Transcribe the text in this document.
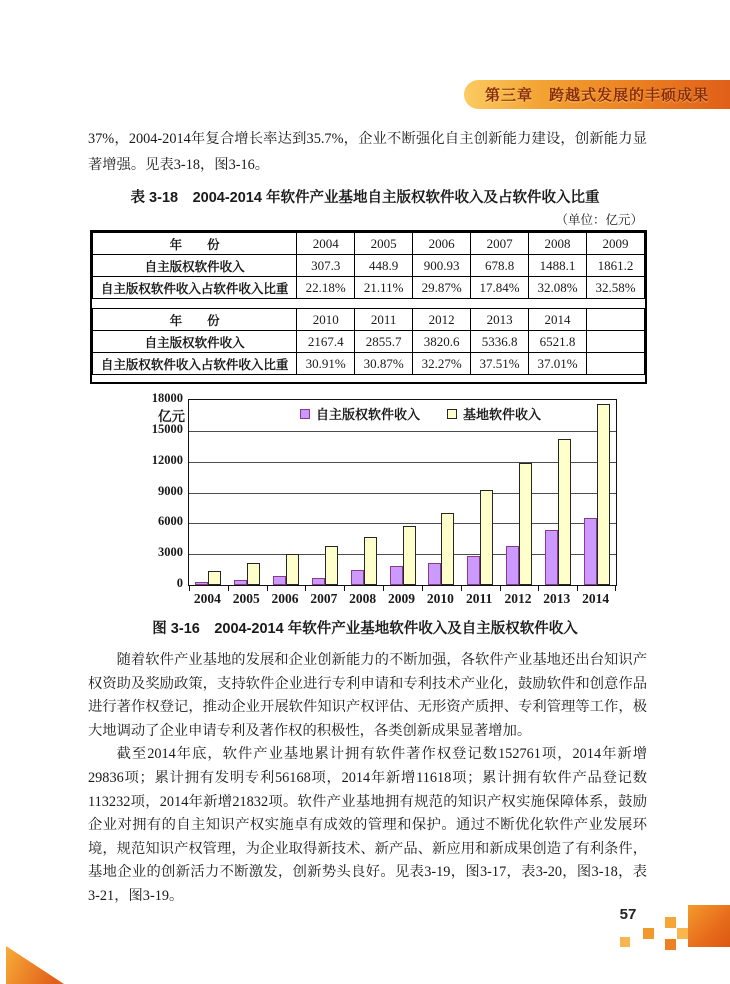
第三章　跨越式发展的丰硕成果
37%，2004-2014年复合增长率达到35.7%，企业不断强化自主创新能力建设，创新能力显著增强。见表3-18，图3-16。
表 3-18　2004-2014 年软件产业基地自主版权软件收入及占软件收入比重
（单位：亿元）
年　　份	2004	2005	2006	2007	2008	2009
自主版权软件收入	307.3	448.9	900.93	678.8	1488.1	1861.2
自主版权软件收入占软件收入比重	22.18%	21.11%	29.87%	17.84%	32.08%	32.58%
年　　份	2010	2011	2012	2013	2014	
自主版权软件收入	2167.4	2855.7	3820.6	5336.8	6521.8	
自主版权软件收入占软件收入比重	30.91%	30.87%	32.27%	37.51%	37.01%	
亿元
0
3000
6000
9000
12000
15000
18000
2004 2005 2006 2007 2008 2009 2010 2011 2012 2013 2014
自主版权软件收入	基地软件收入
图 3-16　2004-2014 年软件产业基地软件收入及自主版权软件收入

随着软件产业基地的发展和企业创新能力的不断加强，各软件产业基地还出台知识产权资助及奖励政策，支持软件企业进行专利申请和专利技术产业化，鼓励软件和创意作品进行著作权登记，推动企业开展软件知识产权评估、无形资产质押、专利管理等工作，极大地调动了企业申请专利及著作权的积极性，各类创新成果显著增加。

截至2014年底，软件产业基地累计拥有软件著作权登记数152761项，2014年新增29836项；累计拥有发明专利56168项，2014年新增11618项；累计拥有软件产品登记数113232项，2014年新增21832项。软件产业基地拥有规范的知识产权实施保障体系，鼓励企业对拥有的自主知识产权实施卓有成效的管理和保护。通过不断优化软件产业发展环境，规范知识产权管理，为企业取得新技术、新产品、新应用和新成果创造了有利条件，基地企业的创新活力不断激发，创新势头良好。见表3-19，图3-17，表3-20，图3-18，表3-21，图3-19。

57
